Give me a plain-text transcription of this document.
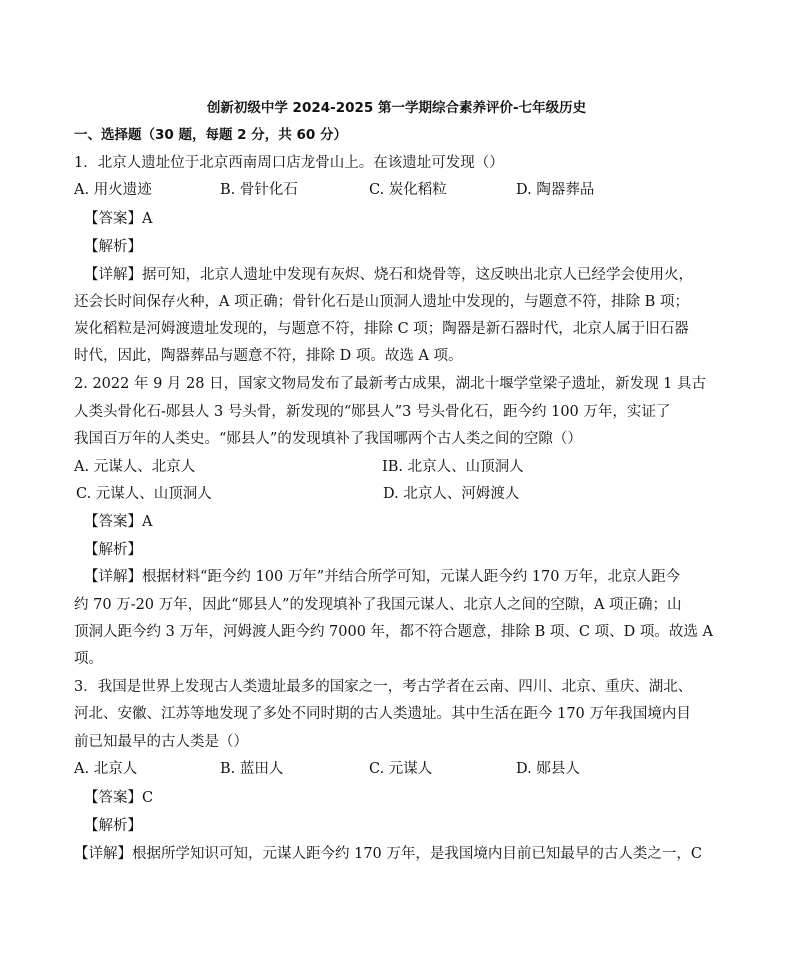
创新初级中学 2024-2025 第一学期综合素养评价-七年级历史
一、选择题（30 题，每题 2 分，共 60 分）
1．北京人遗址位于北京西南周口店龙骨山上。在该遗址可发现（）
A. 用火遗迹	B. 骨针化石	C. 炭化稻粒	D. 陶器葬品
【答案】A
【解析】
【详解】据可知，北京人遗址中发现有灰烬、烧石和烧骨等，这反映出北京人已经学会使用火，
还会长时间保存火种，A 项正确；骨针化石是山顶洞人遗址中发现的，与题意不符，排除 B 项；
炭化稻粒是河姆渡遗址发现的，与题意不符，排除 C 项；陶器是新石器时代，北京人属于旧石器
时代，因此，陶器葬品与题意不符，排除 D 项。故选 A 项。
2. 2022 年 9 月 28 日，国家文物局发布了最新考古成果，湖北十堰学堂梁子遗址，新发现 1 具古
人类头骨化石-郧县人 3 号头骨，新发现的“郧县人”3 号头骨化石，距今约 100 万年，实证了
我国百万年的人类史。“郧县人”的发现填补了我国哪两个古人类之间的空隙（）
A. 元谋人、北京人	IB. 北京人、山顶洞人
C. 元谋人、山顶洞人	D. 北京人、河姆渡人
【答案】A
【解析】
【详解】根据材料“距今约 100 万年”并结合所学可知，元谋人距今约 170 万年，北京人距今
约 70 万-20 万年，因此“郧县人”的发现填补了我国元谋人、北京人之间的空隙，A 项正确；山
顶洞人距今约 3 万年，河姆渡人距今约 7000 年，都不符合题意，排除 B 项、C 项、D 项。故选 A
项。
3．我国是世界上发现古人类遗址最多的国家之一，考古学者在云南、四川、北京、重庆、湖北、
河北、安徽、江苏等地发现了多处不同时期的古人类遗址。其中生活在距今 170 万年我国境内目
前已知最早的古人类是（）
A. 北京人	B. 蓝田人	C. 元谋人	D. 郧县人
【答案】C
【解析】
【详解】根据所学知识可知，元谋人距今约 170 万年，是我国境内目前已知最早的古人类之一，C
